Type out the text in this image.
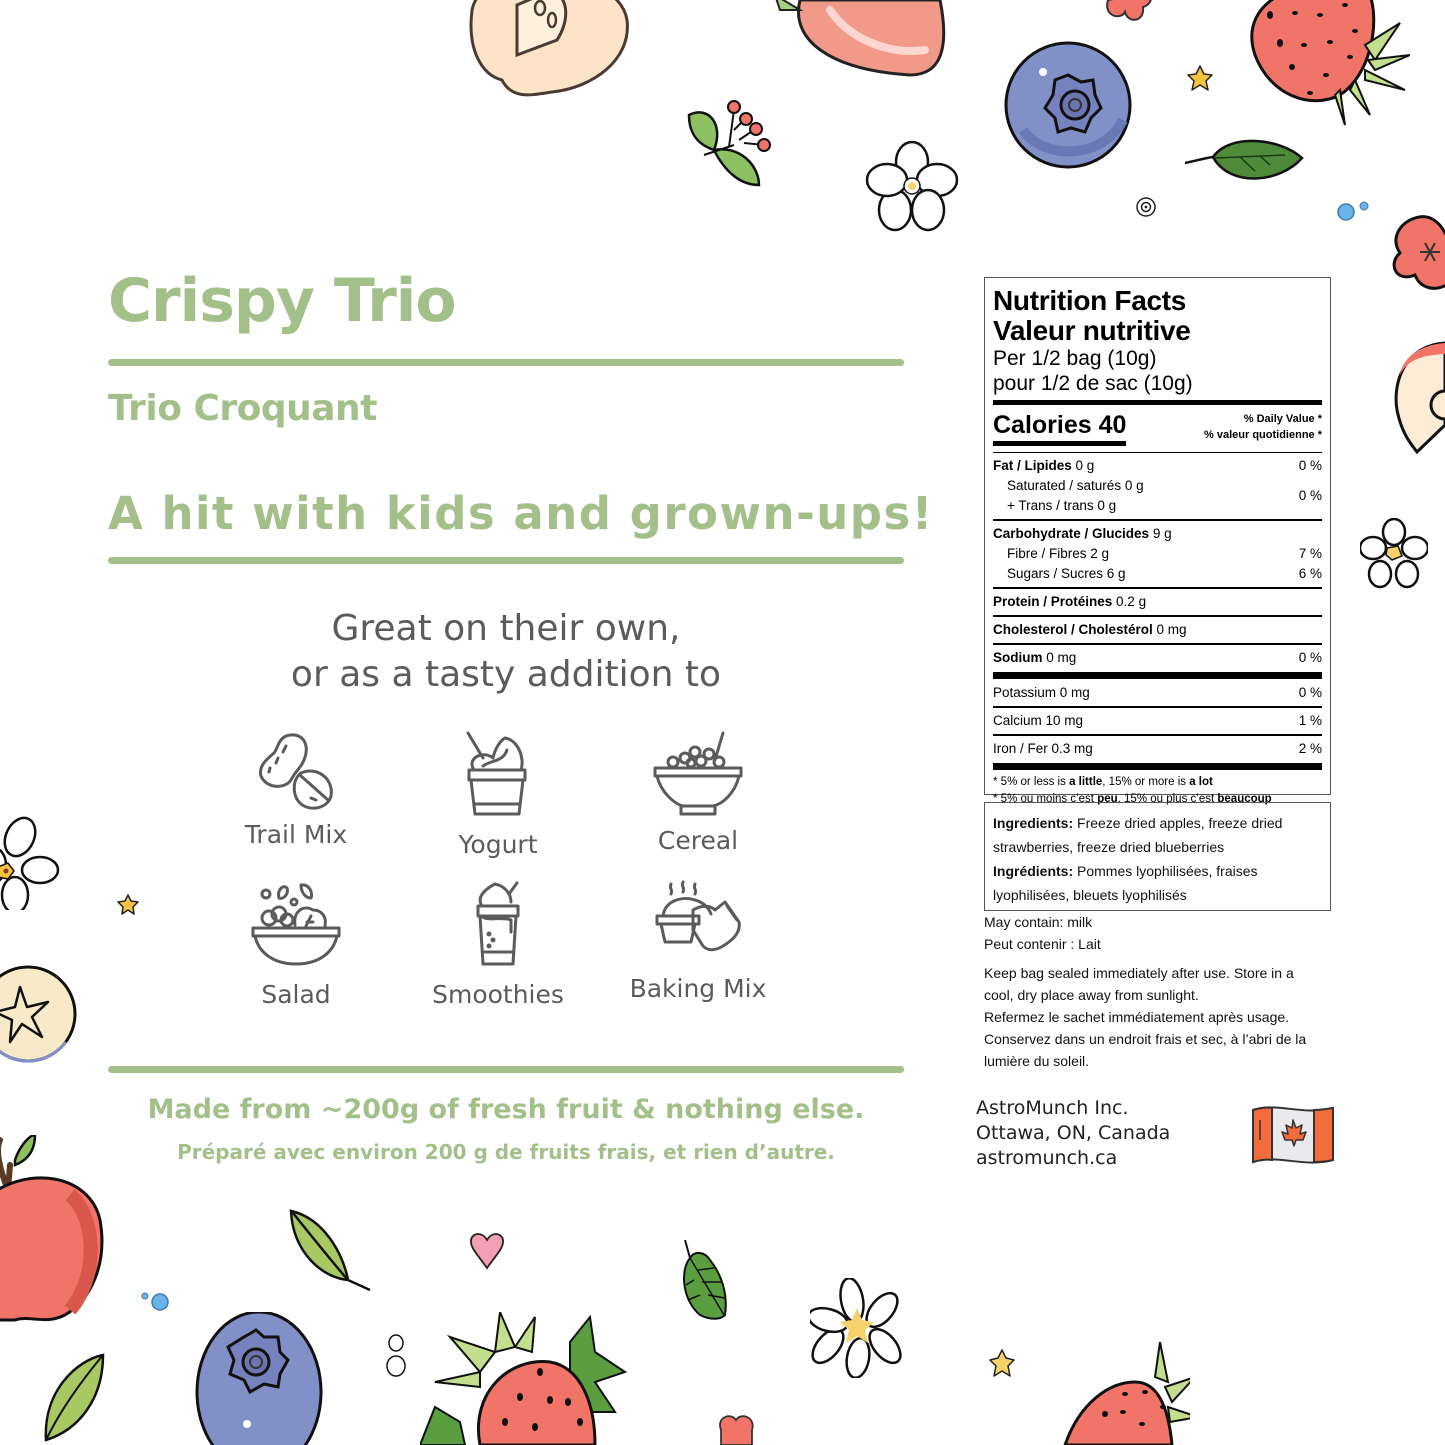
Crispy Trio
Trio Croquant
A hit with kids and grown-ups!
Great on their own,
or as a tasty addition to
Trail Mix	Yogurt	Cereal
Salad	Smoothies	Baking Mix
Made from ~200g of fresh fruit & nothing else.
Préparé avec environ 200 g de fruits frais, et rien d’autre.
Nutrition Facts
Valeur nutritive
Per 1/2 bag (10g)
pour 1/2 de sac (10g)
Calories 40	% Daily Value *
% valeur quotidienne *
Fat / Lipides 0 g	0 %
Saturated / saturés 0 g
+ Trans / trans 0 g
0 %
Carbohydrate / Glucides 9 g
Fibre / Fibres 2 g	7 %
Sugars / Sucres 6 g	6 %
Protein / Protéines 0.2 g
Cholesterol / Cholestérol 0 mg
Sodium 0 mg	0 %
Potassium 0 mg	0 %
Calcium 10 mg	1 %
Iron / Fer 0.3 mg	2 %
* 5% or less is a little, 15% or more is a lot
* 5% ou moins c’est peu, 15% ou plus c’est beaucoup
Ingredients: Freeze dried apples, freeze dried strawberries, freeze dried blueberries
Ingrédients: Pommes lyophilisées, fraises lyophilisées, bleuets lyophilisés
May contain: milk
Peut contenir : Lait
Keep bag sealed immediately after use. Store in a cool, dry place away from sunlight.
Refermez le sachet immédiatement après usage. Conservez dans un endroit frais et sec, à l’abri de la lumière du soleil.
AstroMunch Inc.
Ottawa, ON, Canada
astromunch.ca
